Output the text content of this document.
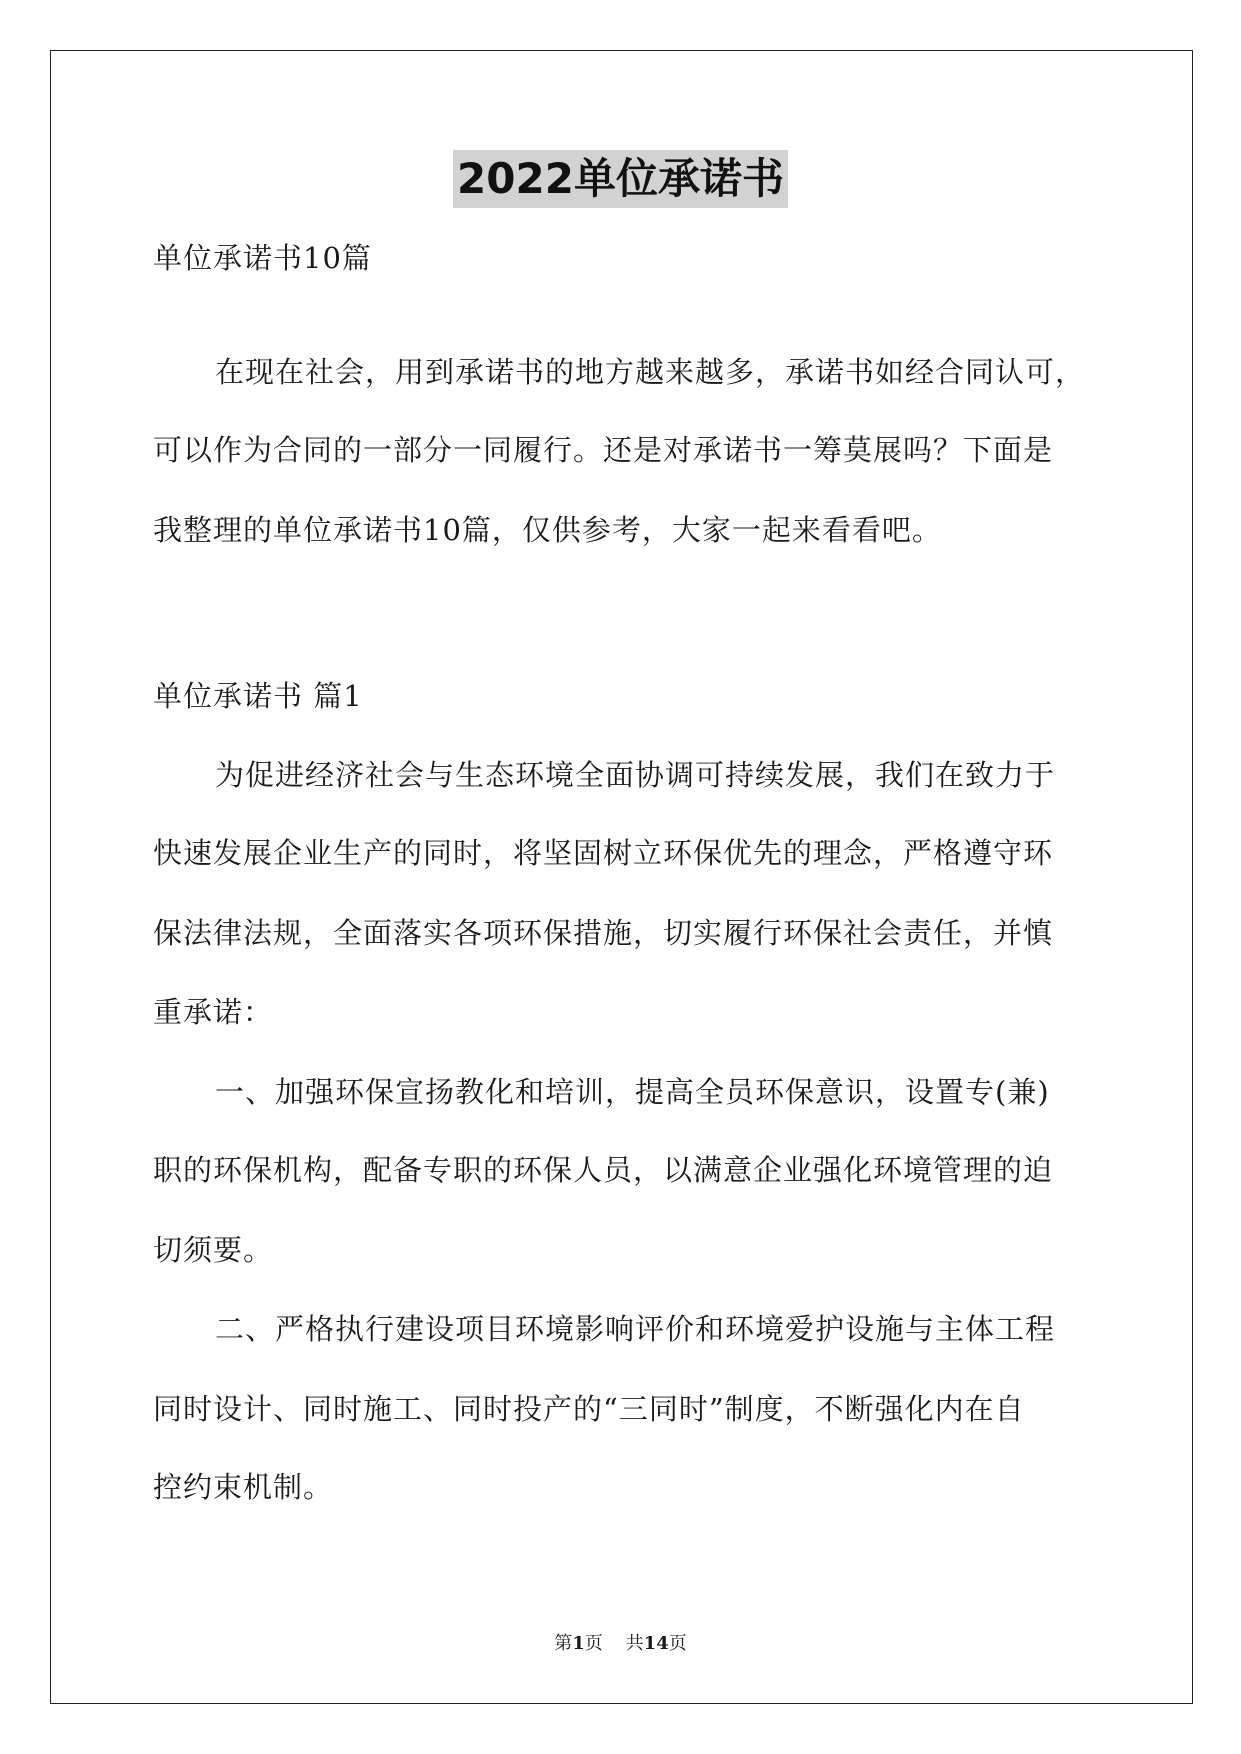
2022单位承诺书
单位承诺书10篇
在现在社会，用到承诺书的地方越来越多，承诺书如经合同认可，
可以作为合同的一部分一同履行。还是对承诺书一筹莫展吗？下面是
我整理的单位承诺书10篇，仅供参考，大家一起来看看吧。
单位承诺书 篇1
为促进经济社会与生态环境全面协调可持续发展，我们在致力于
快速发展企业生产的同时，将坚固树立环保优先的理念，严格遵守环
保法律法规，全面落实各项环保措施，切实履行环保社会责任，并慎
重承诺：
一、加强环保宣扬教化和培训，提高全员环保意识，设置专(兼)
职的环保机构，配备专职的环保人员，以满意企业强化环境管理的迫
切须要。
二、严格执行建设项目环境影响评价和环境爱护设施与主体工程
同时设计、同时施工、同时投产的“三同时”制度，不断强化内在自
控约束机制。
第1页 共14页
